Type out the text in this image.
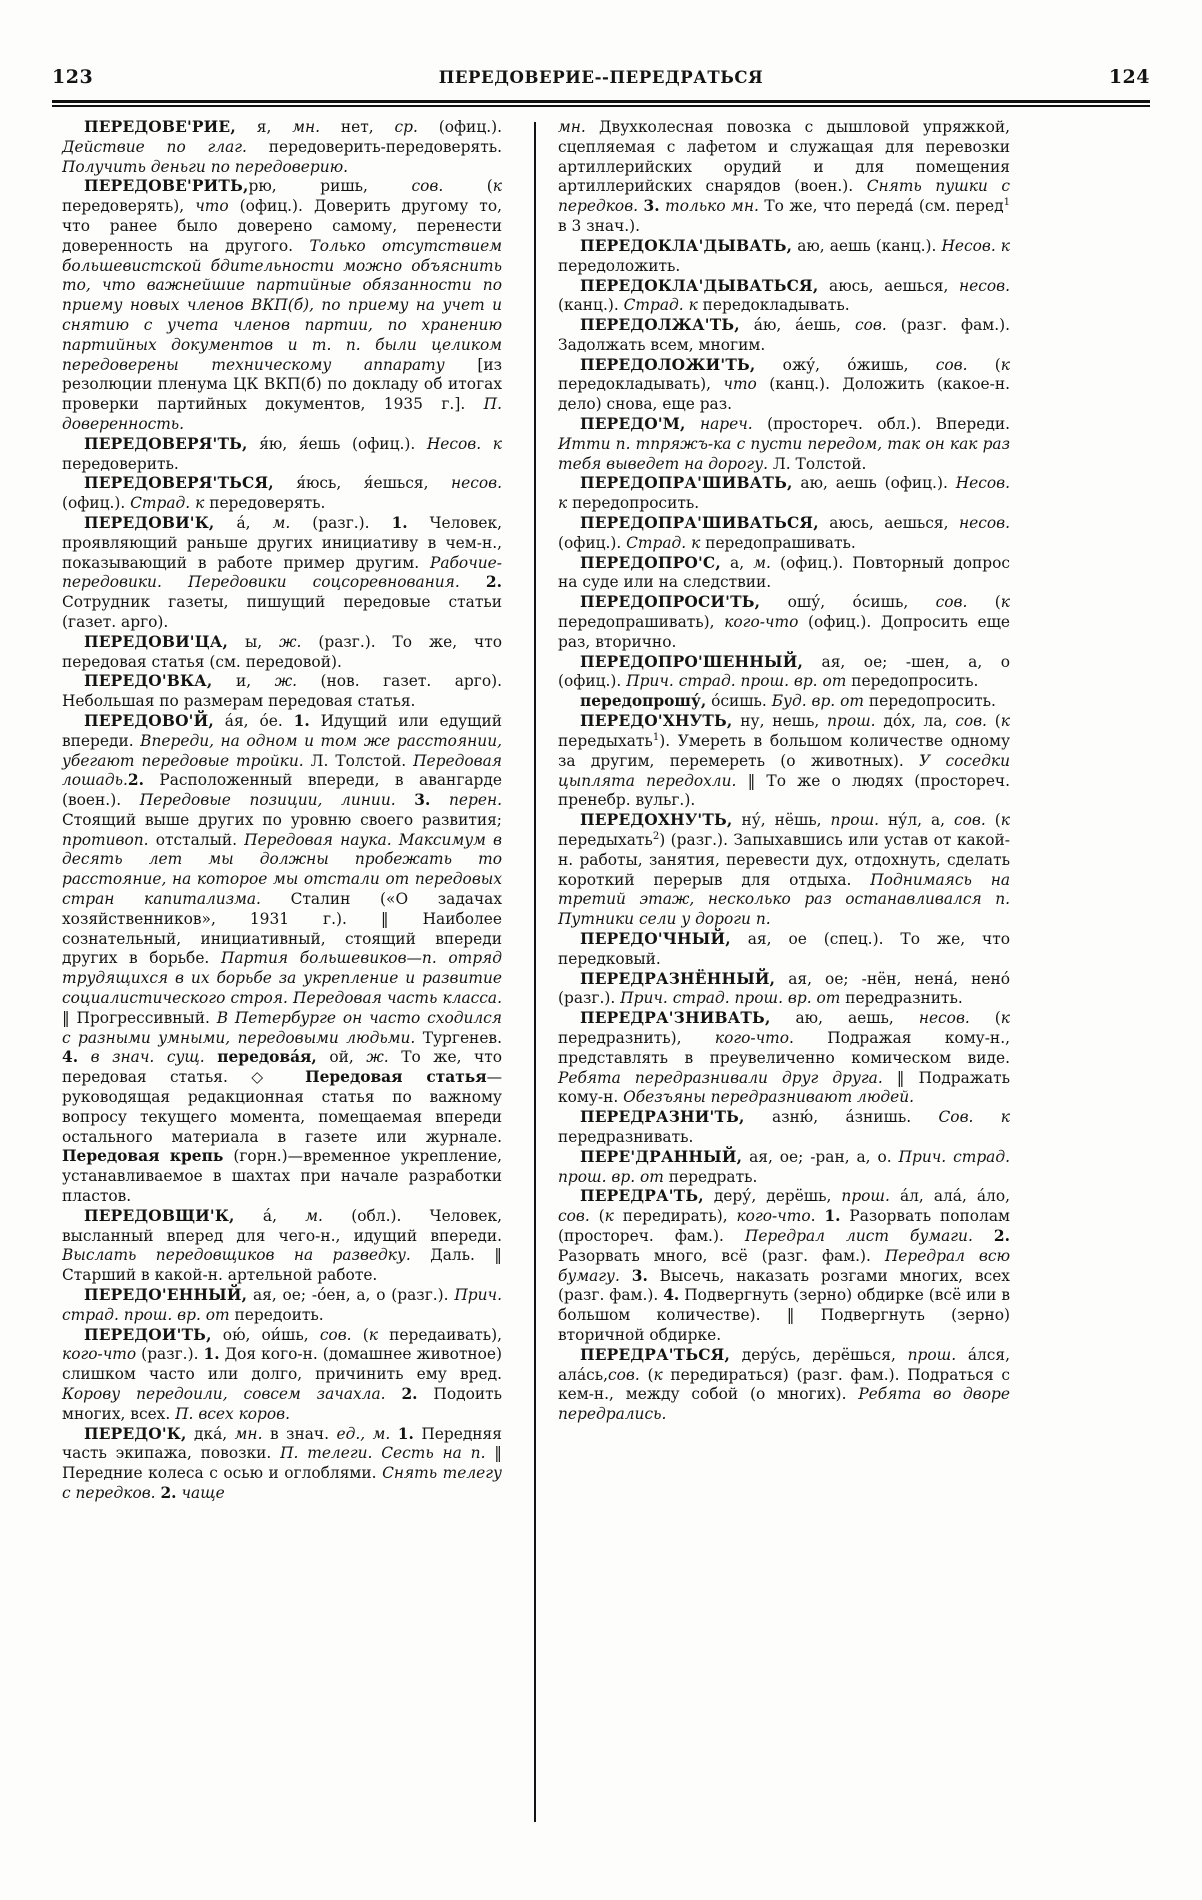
123	ПЕРЕДОВЕРИЕ--ПЕРЕДРАТЬСЯ	124

ПЕРЕДОВЕ'РИЕ, я, мн. нет, ср. (офиц.). Действие по глаг. передоверить-передоверять. Получить деньги по передоверию.

ПЕРЕДОВЕ'РИТЬ,рю, ришь, сов. (к передоверять), что (офиц.). Доверить другому то, что ранее было доверено самому, перенести доверенность на другого. Только отсутствием большевистской бдительности можно объяснить то, что важнейшие партийные обязанности по приему новых членов ВКП(б), по приему на учет и снятию с учета членов партии, по хранению партийных документов и т. п. были целиком передоверены техническому аппарату [из резолюции пленума ЦК ВКП(б) по докладу об итогах проверки партийных документов, 1935 г.]. П. доверенность.

ПЕРЕДОВЕРЯ'ТЬ, я́ю, я́ешь (офиц.). Несов. к передоверить.

ПЕРЕДОВЕРЯ'ТЬСЯ, я́юсь, я́ешься, несов. (офиц.). Страд. к передоверять.

ПЕРЕДОВИ'К, á, м. (разг.). 1. Человек, проявляющий раньше других инициативу в чем-н., показывающий в работе пример другим. Рабочие-передовики. Передовики соцсоревнования. 2. Сотрудник газеты, пишущий передовые статьи (газет. арго).

ПЕРЕДОВИ'ЦА, ы, ж. (разг.). То же, что передовая статья (см. передовой).

ПЕРЕДО'ВКА, и, ж. (нов. газет. арго). Небольшая по размерам передовая статья.

ПЕРЕДОВО'Й, áя, óе. 1. Идущий или едущий впереди. Впереди, на одном и том же расстоянии, убегают передовые тройки. Л. Толстой. Передовая лошадь.2. Расположенный впереди, в авангарде (воен.). Передовые позиции, линии. 3. перен. Стоящий выше других по уровню своего развития; противоп. отсталый. Передовая наука. Максимум в десять лет мы должны пробежать то расстояние, на которое мы отстали от передовых стран капитализма. Сталин («О задачах хозяйственников», 1931 г.). ‖ Наиболее сознательный, инициативный, стоящий впереди других в борьбе. Партия большевиков—п. отряд трудящихся в их борьбе за укрепление и развитие социалистического строя. Передовая часть класса. ‖ Прогрессивный. В Петербурге он часто сходился с разными умными, передовыми людьми. Тургенев. 4. в знач. сущ. передовáя, ой, ж. То же, что передовая статья. ◇ Передовая статья—руководящая редакционная статья по важному вопросу текущего момента, помещаемая впереди остального материала в газете или журнале. Передовая крепь (горн.)—временное укрепление, устанавливаемое в шахтах при начале разработки пластов.

ПЕРЕДОВЩИ'К, á, м. (обл.). Человек, высланный вперед для чего-н., идущий впереди. Выслать передовщиков на разведку. Даль. ‖ Старший в какой-н. артельной работе.

ПЕРЕДО'ЕННЫЙ, ая, ое; -óен, а, о (разг.). Прич. страд. прош. вр. от передоить.

ПЕРЕДОИ'ТЬ, ою́, ои́шь, сов. (к передаивать), кого-что (разг.). 1. Доя кого-н. (домашнее животное) слишком часто или долго, причинить ему вред. Корову передоили, совсем зачахла. 2. Подоить многих, всех. П. всех коров.

ПЕРЕДО'К, дкá, мн. в знач. ед., м. 1. Передняя часть экипажа, повозки. П. телеги. Сесть на п. ‖ Передние колеса с осью и оглоблями. Снять телегу с передков. 2. чаще

мн. Двухколесная повозка с дышловой упряжкой, сцепляемая с лафетом и служащая для перевозки артиллерийских орудий и для помещения артиллерийских снарядов (воен.). Снять пушки с передков. 3. только мн. То же, что передá (см. перед$^1$ в 3 знач.).

ПЕРЕДОКЛА'ДЫВАТЬ, аю, аешь (канц.). Несов. к передоложить.

ПЕРЕДОКЛА'ДЫВАТЬСЯ, аюсь, аешься, несов. (канц.). Страд. к передокладывать.

ПЕРЕДОЛЖА'ТЬ, áю, áешь, сов. (разг. фам.). Задолжать всем, многим.

ПЕРЕДОЛОЖИ'ТЬ, ожу́, óжишь, сов. (к передокладывать), что (канц.). Доложить (какое-н. дело) снова, еще раз.

ПЕРЕДО'М, нареч. (простореч. обл.). Впереди. Итти п. тпряжъ-ка с пусти передом, так он как раз тебя выведет на дорогу. Л. Толстой.

ПЕРЕДОПРА'ШИВАТЬ, аю, аешь (офиц.). Несов. к передопросить.

ПЕРЕДОПРА'ШИВАТЬСЯ, аюсь, аешься, несов. (офиц.). Страд. к передопрашивать.

ПЕРЕДОПРО'С, а, м. (офиц.). Повторный допрос на суде или на следствии.

ПЕРЕДОПРОСИ'ТЬ, ошу́, óсишь, сов. (к передопрашивать), кого-что (офиц.). Допросить еще раз, вторично.

ПЕРЕДОПРО'ШЕННЫЙ, ая, ое; -шен, а, о (офиц.). Прич. страд. прош. вр. от передопросить.

передопрошу́, óсишь. Буд. вр. от передопросить.

ПЕРЕДО'ХНУТЬ, ну, нешь, прош. дóх, ла, сов. (к передыхать$^1$). Умереть в большом количестве одному за другим, перемереть (о животных). У соседки цыплята передохли. ‖ То же о людях (простореч. пренебр. вульг.).

ПЕРЕДОХНУ'ТЬ, ну́, нёшь, прош. ну́л, а, сов. (к передыхать$^2$) (разг.). Запыхавшись или устав от какой-н. работы, занятия, перевести дух, отдохнуть, сделать короткий перерыв для отдыха. Поднимаясь на третий этаж, несколько раз останавливался п. Путники сели у дороги п.

ПЕРЕДО'ЧНЫЙ, ая, ое (спец.). То же, что передковый.

ПЕРЕДРАЗНЁННЫЙ, ая, ое; -нён, ненá, ненó (разг.). Прич. страд. прош. вр. от передразнить.

ПЕРЕДРА'ЗНИВАТЬ, аю, аешь, несов. (к передразнить), кого-что. Подражая кому-н., представлять в преувеличенно комическом виде. Ребята передразнивали друг друга. ‖ Подражать кому-н. Обезъяны передразнивают людей.

ПЕРЕДРАЗНИ'ТЬ, азню́, áзнишь. Сов. к передразнивать.

ПЕРЕ'ДРАННЫЙ, ая, ое; -ран, а, о. Прич. страд. прош. вр. от передрать.

ПЕРЕДРА'ТЬ, деру́, дерёшь, прош. áл, алá, áло, сов. (к передирать), кого-что. 1. Разорвать пополам (простореч. фам.). Передрал лист бумаги. 2. Разорвать много, всё (разг. фам.). Передрал всю бумагу. 3. Высечь, наказать розгами многих, всех (разг. фам.). 4. Подвергнуть (зерно) обдирке (всё или в большом количестве). ‖ Подвергнуть (зерно) вторичной обдирке.

ПЕРЕДРА'ТЬСЯ, дерýсь, дерёшься, прош. áлся, алáсь,сов. (к передираться) (разг. фам.). Подраться с кем-н., между собой (о многих). Ребята во дворе передрались.
